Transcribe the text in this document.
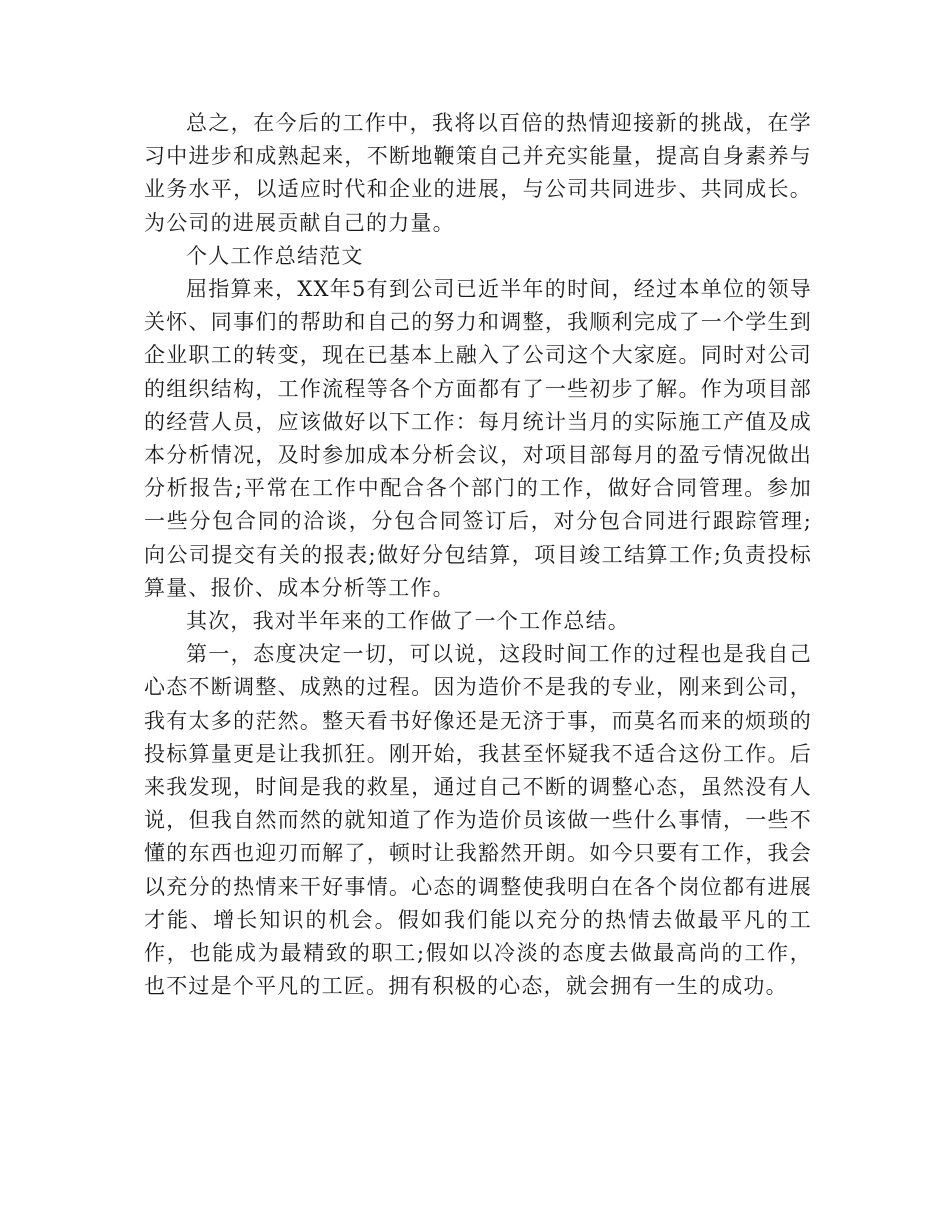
总之，在今后的工作中，我将以百倍的热情迎接新的挑战，在学习中进步和成熟起来，不断地鞭策自己并充实能量，提高自身素养与业务水平，以适应时代和企业的进展，与公司共同进步、共同成长。为公司的进展贡献自己的力量。

个人工作总结范文

屈指算来，XX年5有到公司已近半年的时间，经过本单位的领导关怀、同事们的帮助和自己的努力和调整，我顺利完成了一个学生到企业职工的转变，现在已基本上融入了公司这个大家庭。同时对公司的组织结构，工作流程等各个方面都有了一些初步了解。作为项目部的经营人员，应该做好以下工作：每月统计当月的实际施工产值及成本分析情况，及时参加成本分析会议，对项目部每月的盈亏情况做出分析报告;平常在工作中配合各个部门的工作，做好合同管理。参加一些分包合同的洽谈，分包合同签订后，对分包合同进行跟踪管理;向公司提交有关的报表;做好分包结算，项目竣工结算工作;负责投标算量、报价、成本分析等工作。

其次，我对半年来的工作做了一个工作总结。

第一，态度决定一切，可以说，这段时间工作的过程也是我自己心态不断调整、成熟的过程。因为造价不是我的专业，刚来到公司，我有太多的茫然。整天看书好像还是无济于事，而莫名而来的烦琐的投标算量更是让我抓狂。刚开始，我甚至怀疑我不适合这份工作。后来我发现，时间是我的救星，通过自己不断的调整心态，虽然没有人说，但我自然而然的就知道了作为造价员该做一些什么事情，一些不懂的东西也迎刃而解了，顿时让我豁然开朗。如今只要有工作，我会以充分的热情来干好事情。心态的调整使我明白在各个岗位都有进展才能、增长知识的机会。假如我们能以充分的热情去做最平凡的工作，也能成为最精致的职工;假如以冷淡的态度去做最高尚的工作，也不过是个平凡的工匠。拥有积极的心态，就会拥有一生的成功。
